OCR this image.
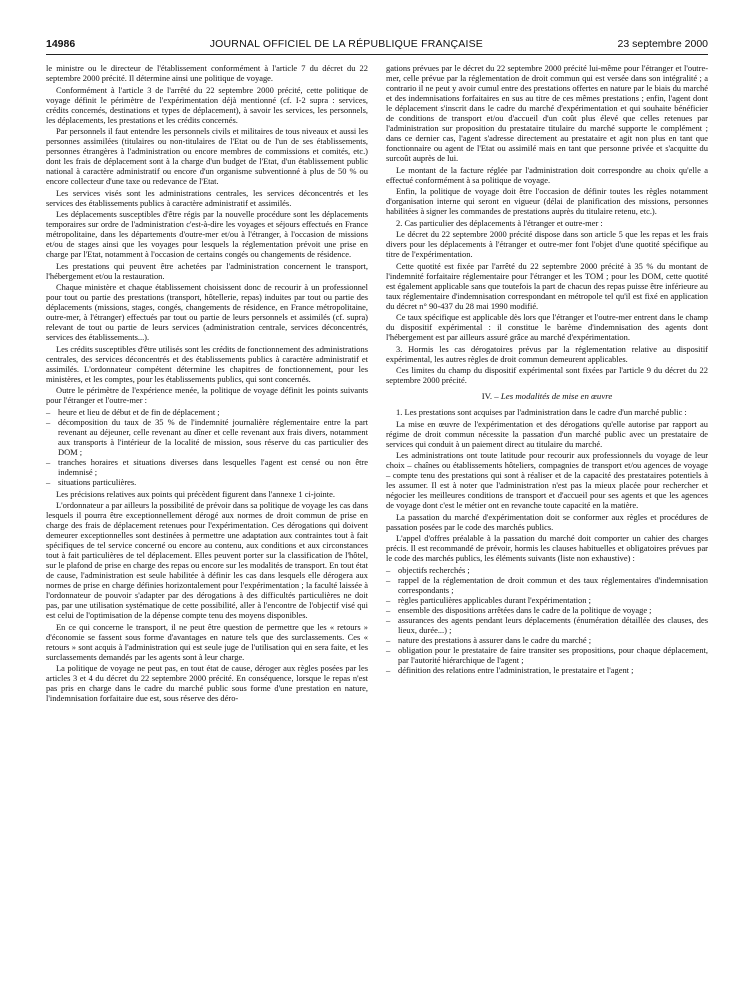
14986	JOURNAL OFFICIEL DE LA RÉPUBLIQUE FRANÇAISE	23 septembre 2000

le ministre ou le directeur de l'établissement conformément à l'article 7 du décret du 22 septembre 2000 précité. Il détermine ainsi une politique de voyage.

Conformément à l'article 3 de l'arrêté du 22 septembre 2000 précité, cette politique de voyage définit le périmètre de l'expérimentation déjà mentionné (cf. I-2 supra : services, crédits concernés, destinations et types de déplacement), à savoir les services, les personnels, les déplacements, les prestations et les crédits concernés.

Par personnels il faut entendre les personnels civils et militaires de tous niveaux et aussi les personnes assimilées (titulaires ou non-titulaires de l'Etat ou de l'un de ses établissements, personnes étrangères à l'administration ou encore membres de commissions et comités, etc.) dont les frais de déplacement sont à la charge d'un budget de l'Etat, d'un établissement public national à caractère administratif ou encore d'un organisme subventionné à plus de 50 % ou encore collecteur d'une taxe ou redevance de l'Etat.

Les services visés sont les administrations centrales, les services déconcentrés et les services des établissements publics à caractère administratif et assimilés.

Les déplacements susceptibles d'être régis par la nouvelle procédure sont les déplacements temporaires sur ordre de l'administration c'est-à-dire les voyages et séjours effectués en France métropolitaine, dans les départements d'outre-mer et/ou à l'étranger, à l'occasion de missions et/ou de stages ainsi que les voyages pour lesquels la réglementation prévoit une prise en charge par l'Etat, notamment à l'occasion de certains congés ou changements de résidence.

Les prestations qui peuvent être achetées par l'administration concernent le transport, l'hébergement et/ou la restauration.

Chaque ministère et chaque établissement choisissent donc de recourir à un professionnel pour tout ou partie des prestations (transport, hôtellerie, repas) induites par tout ou partie des déplacements (missions, stages, congés, changements de résidence, en France métropolitaine, outre-mer, à l'étranger) effectués par tout ou partie de leurs personnels et assimilés (cf. supra) relevant de tout ou partie de leurs services (administration centrale, services déconcentrés, services des établissements...).

Les crédits susceptibles d'être utilisés sont les crédits de fonctionnement des administrations centrales, des services déconcentrés et des établissements publics à caractère administratif et assimilés. L'ordonnateur compétent détermine les chapitres de fonctionnement, pour les ministères, et les comptes, pour les établissements publics, qui sont concernés.

Outre le périmètre de l'expérience menée, la politique de voyage définit les points suivants pour l'étranger et l'outre-mer :

– heure et lieu de début et de fin de déplacement ;
– décomposition du taux de 35 % de l'indemnité journalière réglementaire entre la part revenant au déjeuner, celle revenant au dîner et celle revenant aux frais divers, notamment aux transports à l'intérieur de la localité de mission, sous réserve du cas particulier des DOM ;
– tranches horaires et situations diverses dans lesquelles l'agent est censé ou non être indemnisé ;
– situations particulières.

Les précisions relatives aux points qui précèdent figurent dans l'annexe 1 ci-jointe.

L'ordonnateur a par ailleurs la possibilité de prévoir dans sa politique de voyage les cas dans lesquels il pourra être exceptionnellement dérogé aux normes de droit commun de prise en charge des frais de déplacement retenues pour l'expérimentation. Ces dérogations qui doivent demeurer exceptionnelles sont destinées à permettre une adaptation aux contraintes tout à fait spécifiques de tel service concerné ou encore au contenu, aux conditions et aux circonstances tout à fait particulières de tel déplacement. Elles peuvent porter sur la classification de l'hôtel, sur le plafond de prise en charge des repas ou encore sur les modalités de transport. En tout état de cause, l'administration est seule habilitée à définir les cas dans lesquels elle dérogera aux normes de prise en charge définies horizontalement pour l'expérimentation ; la faculté laissée à l'ordonnateur de pouvoir s'adapter par des dérogations à des difficultés particulières ne doit pas, par une utilisation systématique de cette possibilité, aller à l'encontre de l'objectif visé qui est celui de l'optimisation de la dépense compte tenu des moyens disponibles.

En ce qui concerne le transport, il ne peut être question de permettre que les « retours » d'économie se fassent sous forme d'avantages en nature tels que des surclassements. Ces « retours » sont acquis à l'administration qui est seule juge de l'utilisation qui en sera faite, et les surclassements demandés par les agents sont à leur charge.

La politique de voyage ne peut pas, en tout état de cause, déroger aux règles posées par les articles 3 et 4 du décret du 22 septembre 2000 précité. En conséquence, lorsque le repas n'est pas pris en charge dans le cadre du marché public sous forme d'une prestation en nature, l'indemnisation forfaitaire due est, sous réserve des déro-

gations prévues par le décret du 22 septembre 2000 précité lui-même pour l'étranger et l'outre-mer, celle prévue par la réglementation de droit commun qui est versée dans son intégralité ; a contrario il ne peut y avoir cumul entre des prestations offertes en nature par le biais du marché et des indemnisations forfaitaires en sus au titre de ces mêmes prestations ; enfin, l'agent dont le déplacement s'inscrit dans le cadre du marché d'expérimentation et qui souhaite bénéficier de conditions de transport et/ou d'accueil d'un coût plus élevé que celles retenues par l'administration sur proposition du prestataire titulaire du marché supporte le complément ; dans ce dernier cas, l'agent s'adresse directement au prestataire et agit non plus en tant que fonctionnaire ou agent de l'Etat ou assimilé mais en tant que personne privée et s'acquitte du surcoût auprès de lui.

Le montant de la facture réglée par l'administration doit correspondre au choix qu'elle a effectué conformément à sa politique de voyage.

Enfin, la politique de voyage doit être l'occasion de définir toutes les règles notamment d'organisation interne qui seront en vigueur (délai de planification des missions, personnes habilitées à signer les commandes de prestations auprès du titulaire retenu, etc.).

2. Cas particulier des déplacements à l'étranger et outre-mer :

Le décret du 22 septembre 2000 précité dispose dans son article 5 que les repas et les frais divers pour les déplacements à l'étranger et outre-mer font l'objet d'une quotité spécifique au titre de l'expérimentation.

Cette quotité est fixée par l'arrêté du 22 septembre 2000 précité à 35 % du montant de l'indemnité forfaitaire réglementaire pour l'étranger et les TOM ; pour les DOM, cette quotité est également applicable sans que toutefois la part de chacun des repas puisse être inférieure au taux réglementaire d'indemnisation correspondant en métropole tel qu'il est fixé en application du décret n° 90-437 du 28 mai 1990 modifié.

Ce taux spécifique est applicable dès lors que l'étranger et l'outre-mer entrent dans le champ du dispositif expérimental : il constitue le barème d'indemnisation des agents dont l'hébergement est par ailleurs assuré grâce au marché d'expérimentation.

3. Hormis les cas dérogatoires prévus par la réglementation relative au dispositif expérimental, les autres règles de droit commun demeurent applicables.

Ces limites du champ du dispositif expérimental sont fixées par l'article 9 du décret du 22 septembre 2000 précité.

IV. – Les modalités de mise en œuvre

1. Les prestations sont acquises par l'administration dans le cadre d'un marché public :

La mise en œuvre de l'expérimentation et des dérogations qu'elle autorise par rapport au régime de droit commun nécessite la passation d'un marché public avec un prestataire de services qui conduit à un paiement direct au titulaire du marché.

Les administrations ont toute latitude pour recourir aux professionnels du voyage de leur choix – chaînes ou établissements hôteliers, compagnies de transport et/ou agences de voyage – compte tenu des prestations qui sont à réaliser et de la capacité des prestataires potentiels à les assumer. Il est à noter que l'administration n'est pas la mieux placée pour rechercher et négocier les meilleures conditions de transport et d'accueil pour ses agents et que les agences de voyage dont c'est le métier ont en revanche toute capacité en la matière.

La passation du marché d'expérimentation doit se conformer aux règles et procédures de passation posées par le code des marchés publics.

L'appel d'offres préalable à la passation du marché doit comporter un cahier des charges précis. Il est recommandé de prévoir, hormis les clauses habituelles et obligatoires prévues par le code des marchés publics, les éléments suivants (liste non exhaustive) :

– objectifs recherchés ;
– rappel de la réglementation de droit commun et des taux réglementaires d'indemnisation correspondants ;
– règles particulières applicables durant l'expérimentation ;
– ensemble des dispositions arrêtées dans le cadre de la politique de voyage ;
– assurances des agents pendant leurs déplacements (énumération détaillée des clauses, des lieux, durée...) ;
– nature des prestations à assurer dans le cadre du marché ;
– obligation pour le prestataire de faire transiter ses propositions, pour chaque déplacement, par l'autorité hiérarchique de l'agent ;
– définition des relations entre l'administration, le prestataire et l'agent ;
